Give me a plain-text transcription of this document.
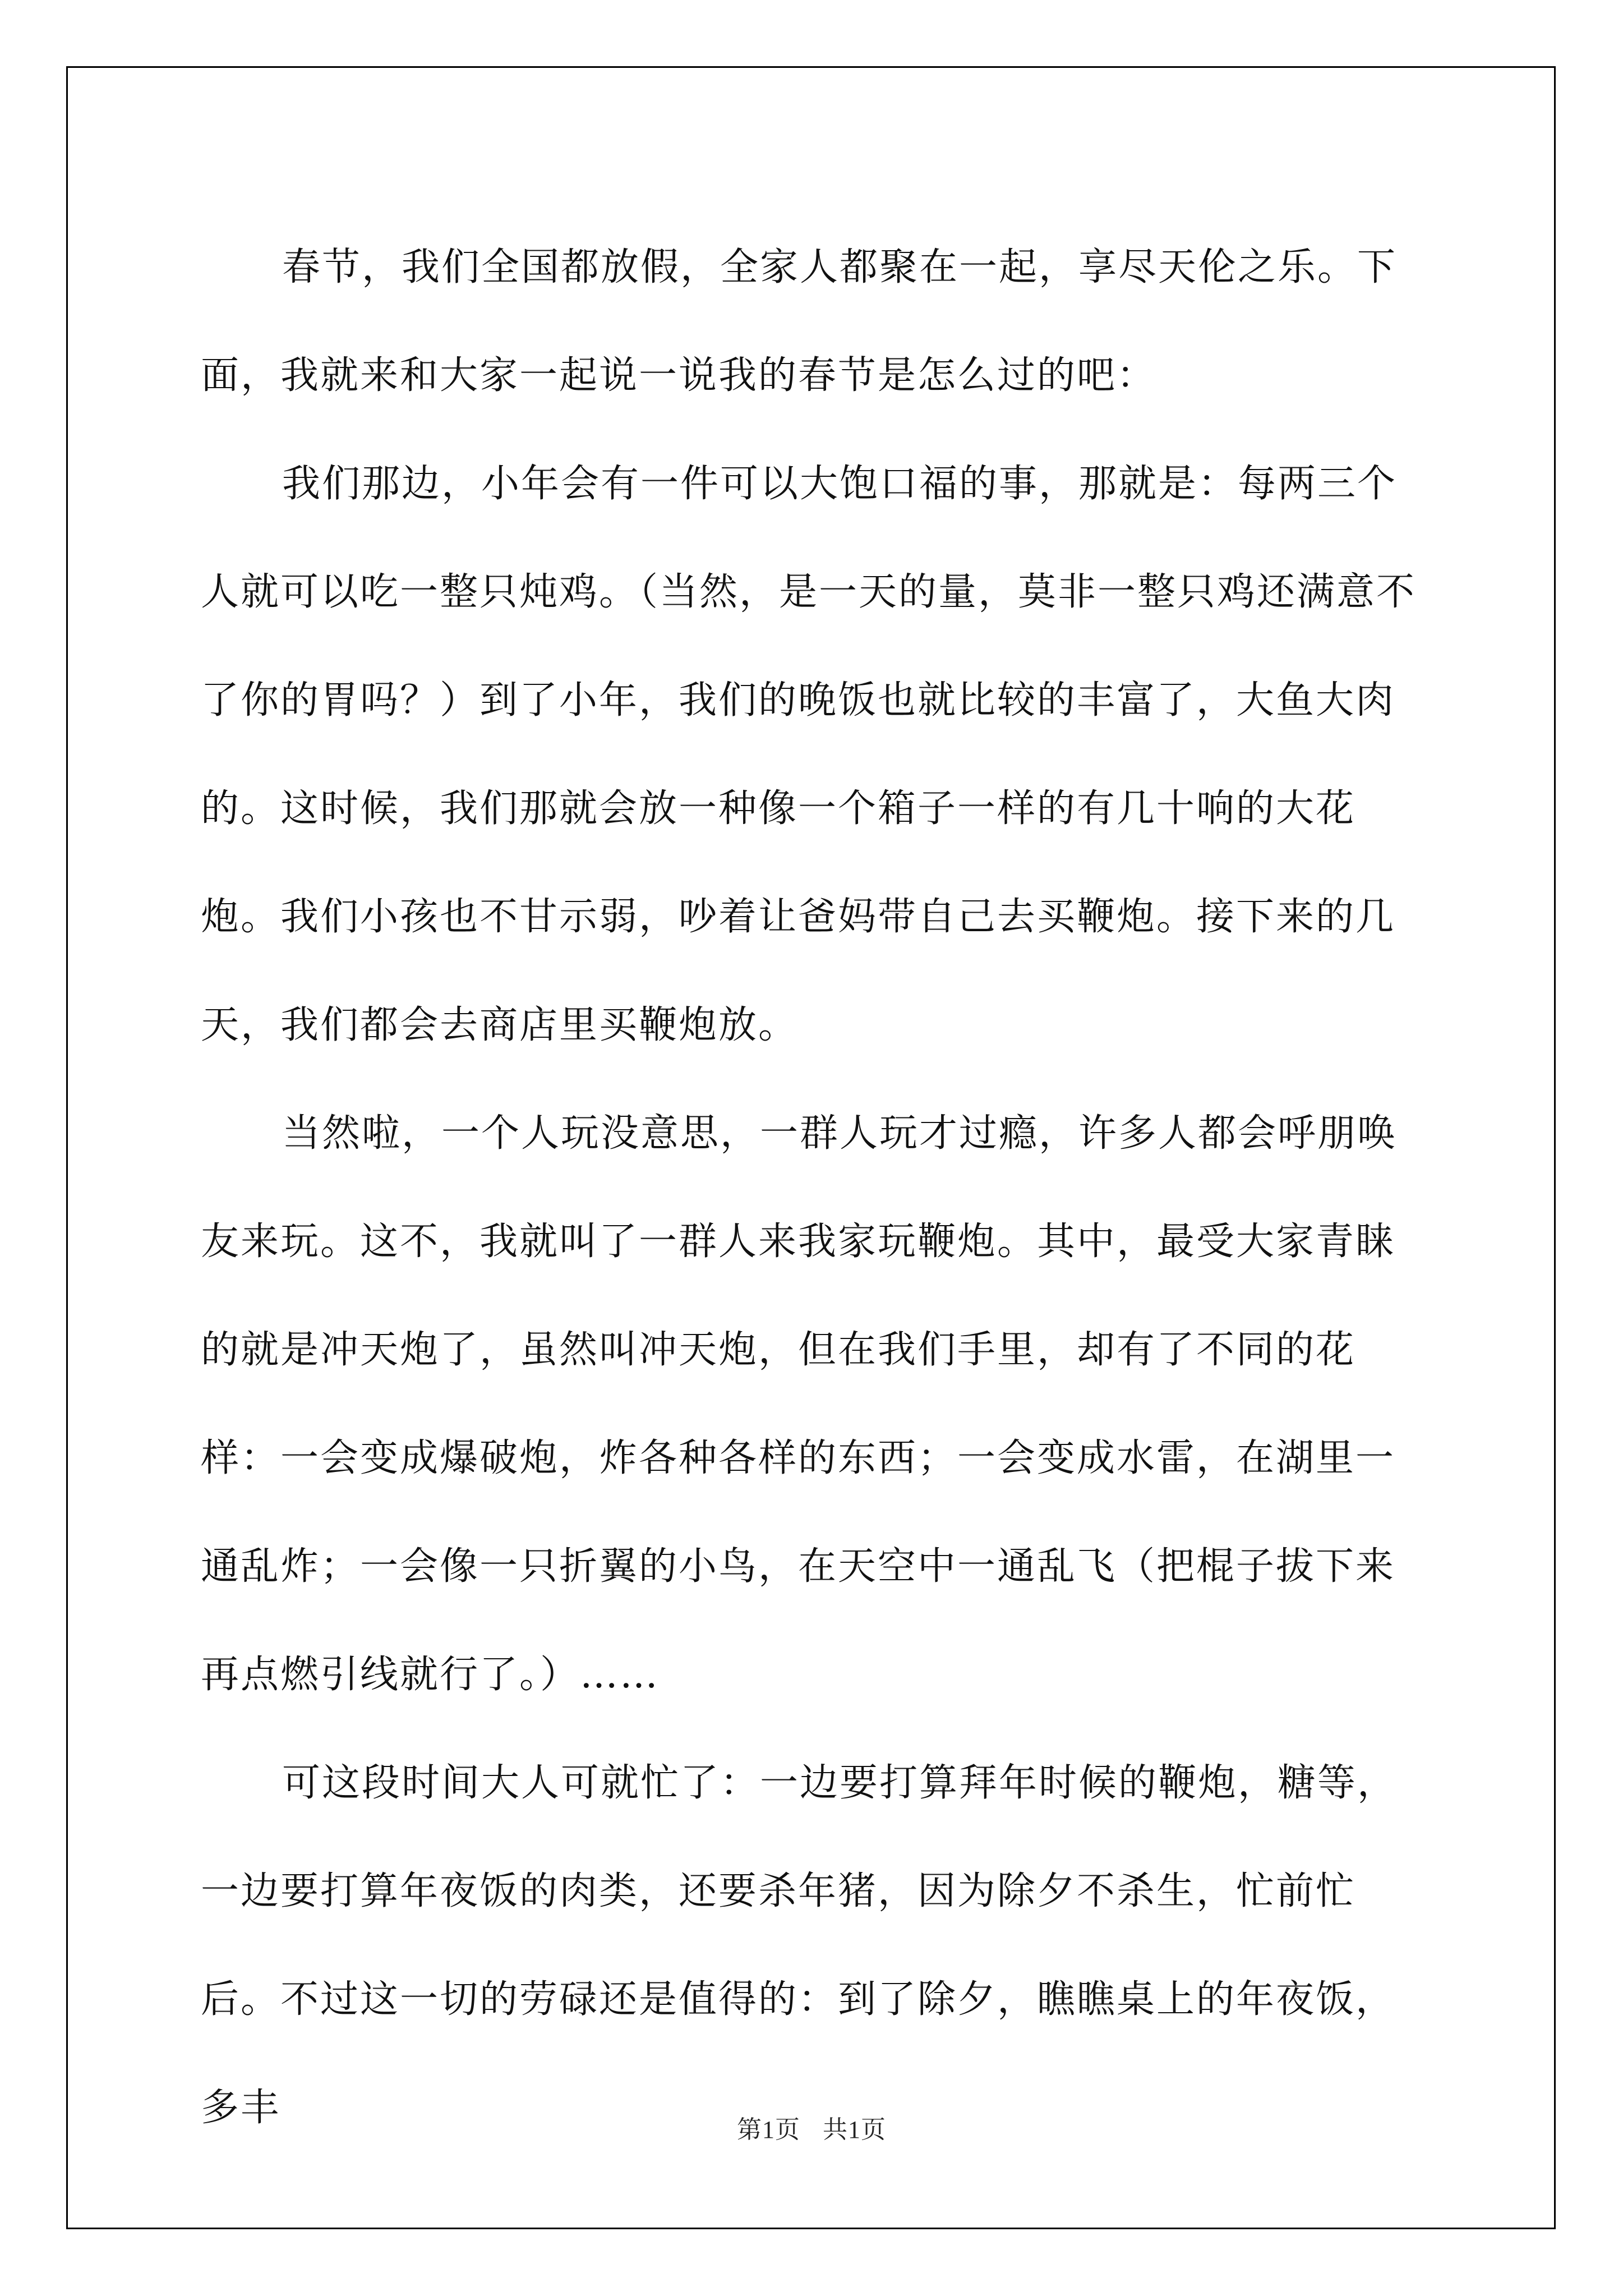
春节，我们全国都放假，全家人都聚在一起，享尽天伦之乐。下面，我就来和大家一起说一说我的春节是怎么过的吧：

我们那边，小年会有一件可以大饱口福的事，那就是：每两三个人就可以吃一整只炖鸡。（当然，是一天的量，莫非一整只鸡还满意不了你的胃吗？）到了小年，我们的晚饭也就比较的丰富了，大鱼大肉的。这时候，我们那就会放一种像一个箱子一样的有几十响的大花炮。我们小孩也不甘示弱，吵着让爸妈带自己去买鞭炮。接下来的几天，我们都会去商店里买鞭炮放。

当然啦，一个人玩没意思，一群人玩才过瘾，许多人都会呼朋唤友来玩。这不，我就叫了一群人来我家玩鞭炮。其中，最受大家青睐的就是冲天炮了，虽然叫冲天炮，但在我们手里，却有了不同的花样：一会变成爆破炮，炸各种各样的东西；一会变成水雷，在湖里一通乱炸；一会像一只折翼的小鸟，在天空中一通乱飞（把棍子拔下来再点燃引线就行了。）……

可这段时间大人可就忙了：一边要打算拜年时候的鞭炮，糖等，一边要打算年夜饭的肉类，还要杀年猪，因为除夕不杀生，忙前忙后。不过这一切的劳碌还是值得的：到了除夕，瞧瞧桌上的年夜饭，多丰	第1页 共1页
